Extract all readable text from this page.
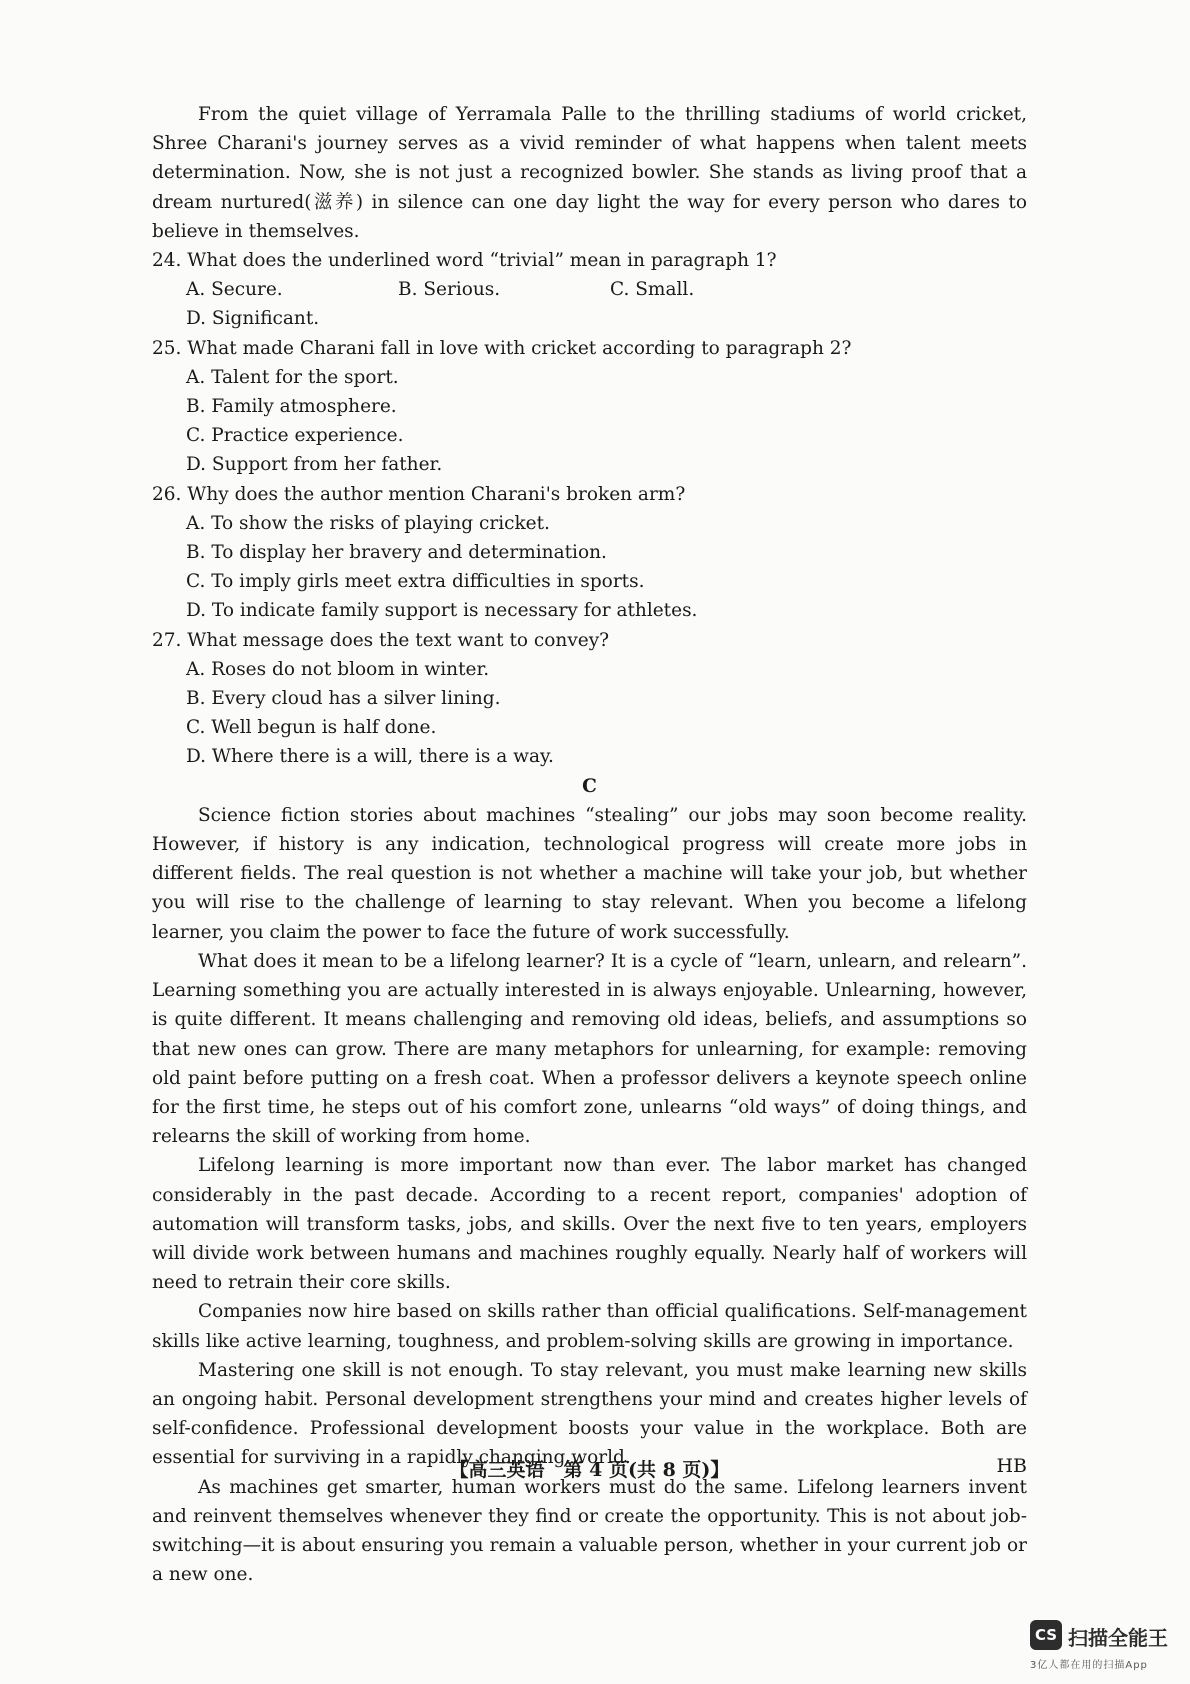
From the quiet village of Yerramala Palle to the thrilling stadiums of world cricket, Shree Charani's journey serves as a vivid reminder of what happens when talent meets determination. Now, she is not just a recognized bowler. She stands as living proof that a dream nurtured(滋养) in silence can one day light the way for every person who dares to believe in themselves.

24. What does the underlined word “trivial” mean in paragraph 1?

A. Secure.	B. Serious.	C. Small.
D. Significant.

25. What made Charani fall in love with cricket according to paragraph 2?

A. Talent for the sport.
B. Family atmosphere.
C. Practice experience.
D. Support from her father.

26. Why does the author mention Charani's broken arm?

A. To show the risks of playing cricket.
B. To display her bravery and determination.
C. To imply girls meet extra difficulties in sports.
D. To indicate family support is necessary for athletes.

27. What message does the text want to convey?

A. Roses do not bloom in winter.
B. Every cloud has a silver lining.
C. Well begun is half done.
D. Where there is a will, there is a way.

C

Science fiction stories about machines “stealing” our jobs may soon become reality. However, if history is any indication, technological progress will create more jobs in different fields. The real question is not whether a machine will take your job, but whether you will rise to the challenge of learning to stay relevant. When you become a lifelong learner, you claim the power to face the future of work successfully.

What does it mean to be a lifelong learner? It is a cycle of “learn, unlearn, and relearn”. Learning something you are actually interested in is always enjoyable. Unlearning, however, is quite different. It means challenging and removing old ideas, beliefs, and assumptions so that new ones can grow. There are many metaphors for unlearning, for example: removing old paint before putting on a fresh coat. When a professor delivers a keynote speech online for the first time, he steps out of his comfort zone, unlearns “old ways” of doing things, and relearns the skill of working from home.

Lifelong learning is more important now than ever. The labor market has changed considerably in the past decade. According to a recent report, companies' adoption of automation will transform tasks, jobs, and skills. Over the next five to ten years, employers will divide work between humans and machines roughly equally. Nearly half of workers will need to retrain their core skills.

Companies now hire based on skills rather than official qualifications. Self-management skills like active learning, toughness, and problem-solving skills are growing in importance.

Mastering one skill is not enough. To stay relevant, you must make learning new skills an ongoing habit. Personal development strengthens your mind and creates higher levels of self-confidence. Professional development boosts your value in the workplace. Both are essential for surviving in a rapidly changing world.

As machines get smarter, human workers must do the same. Lifelong learners invent and reinvent themselves whenever they find or create the opportunity. This is not about job-switching—it is about ensuring you remain a valuable person, whether in your current job or a new one.

【高三英语　第 4 页(共 8 页)】	HB
CS 扫描全能王
3亿人都在用的扫描App
